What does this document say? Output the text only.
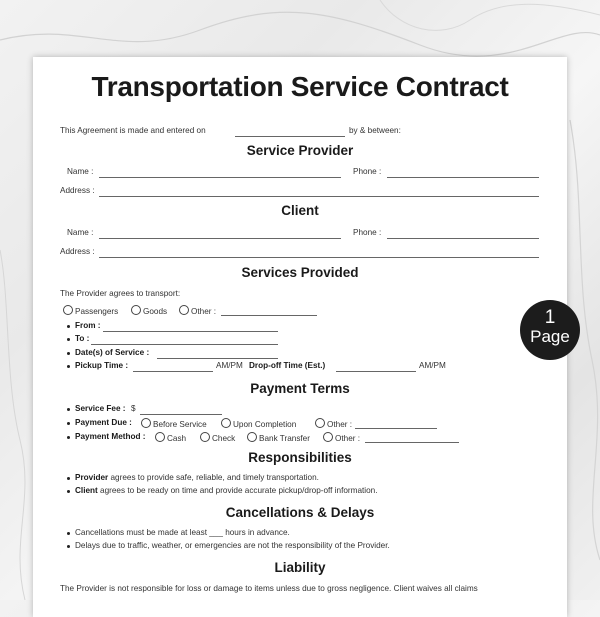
Transportation Service Contract
This Agreement is made and entered on	by & between:
Service Provider
Name :	Phone :
Address :
Client
Name :	Phone :
Address :
Services Provided
The Provider agrees to transport:
Passengers	Goods	Other :
From :
To :
Date(s) of Service :
Pickup Time :	AM/PM Drop-off Time (Est.)	AM/PM
Payment Terms
Service Fee : $
Payment Due :	Before Service	Upon Completion	Other :
Payment Method :	Cash	Check	Bank Transfer	Other :
Responsibilities
Provider agrees to provide safe, reliable, and timely transportation.
Client agrees to be ready on time and provide accurate pickup/drop-off information.
Cancellations & Delays
Cancellations must be made at least ___ hours in advance.
Delays due to traffic, weather, or emergencies are not the responsibility of the Provider.
Liability
The Provider is not responsible for loss or damage to items unless due to gross negligence. Client waives all claims
1
Page
